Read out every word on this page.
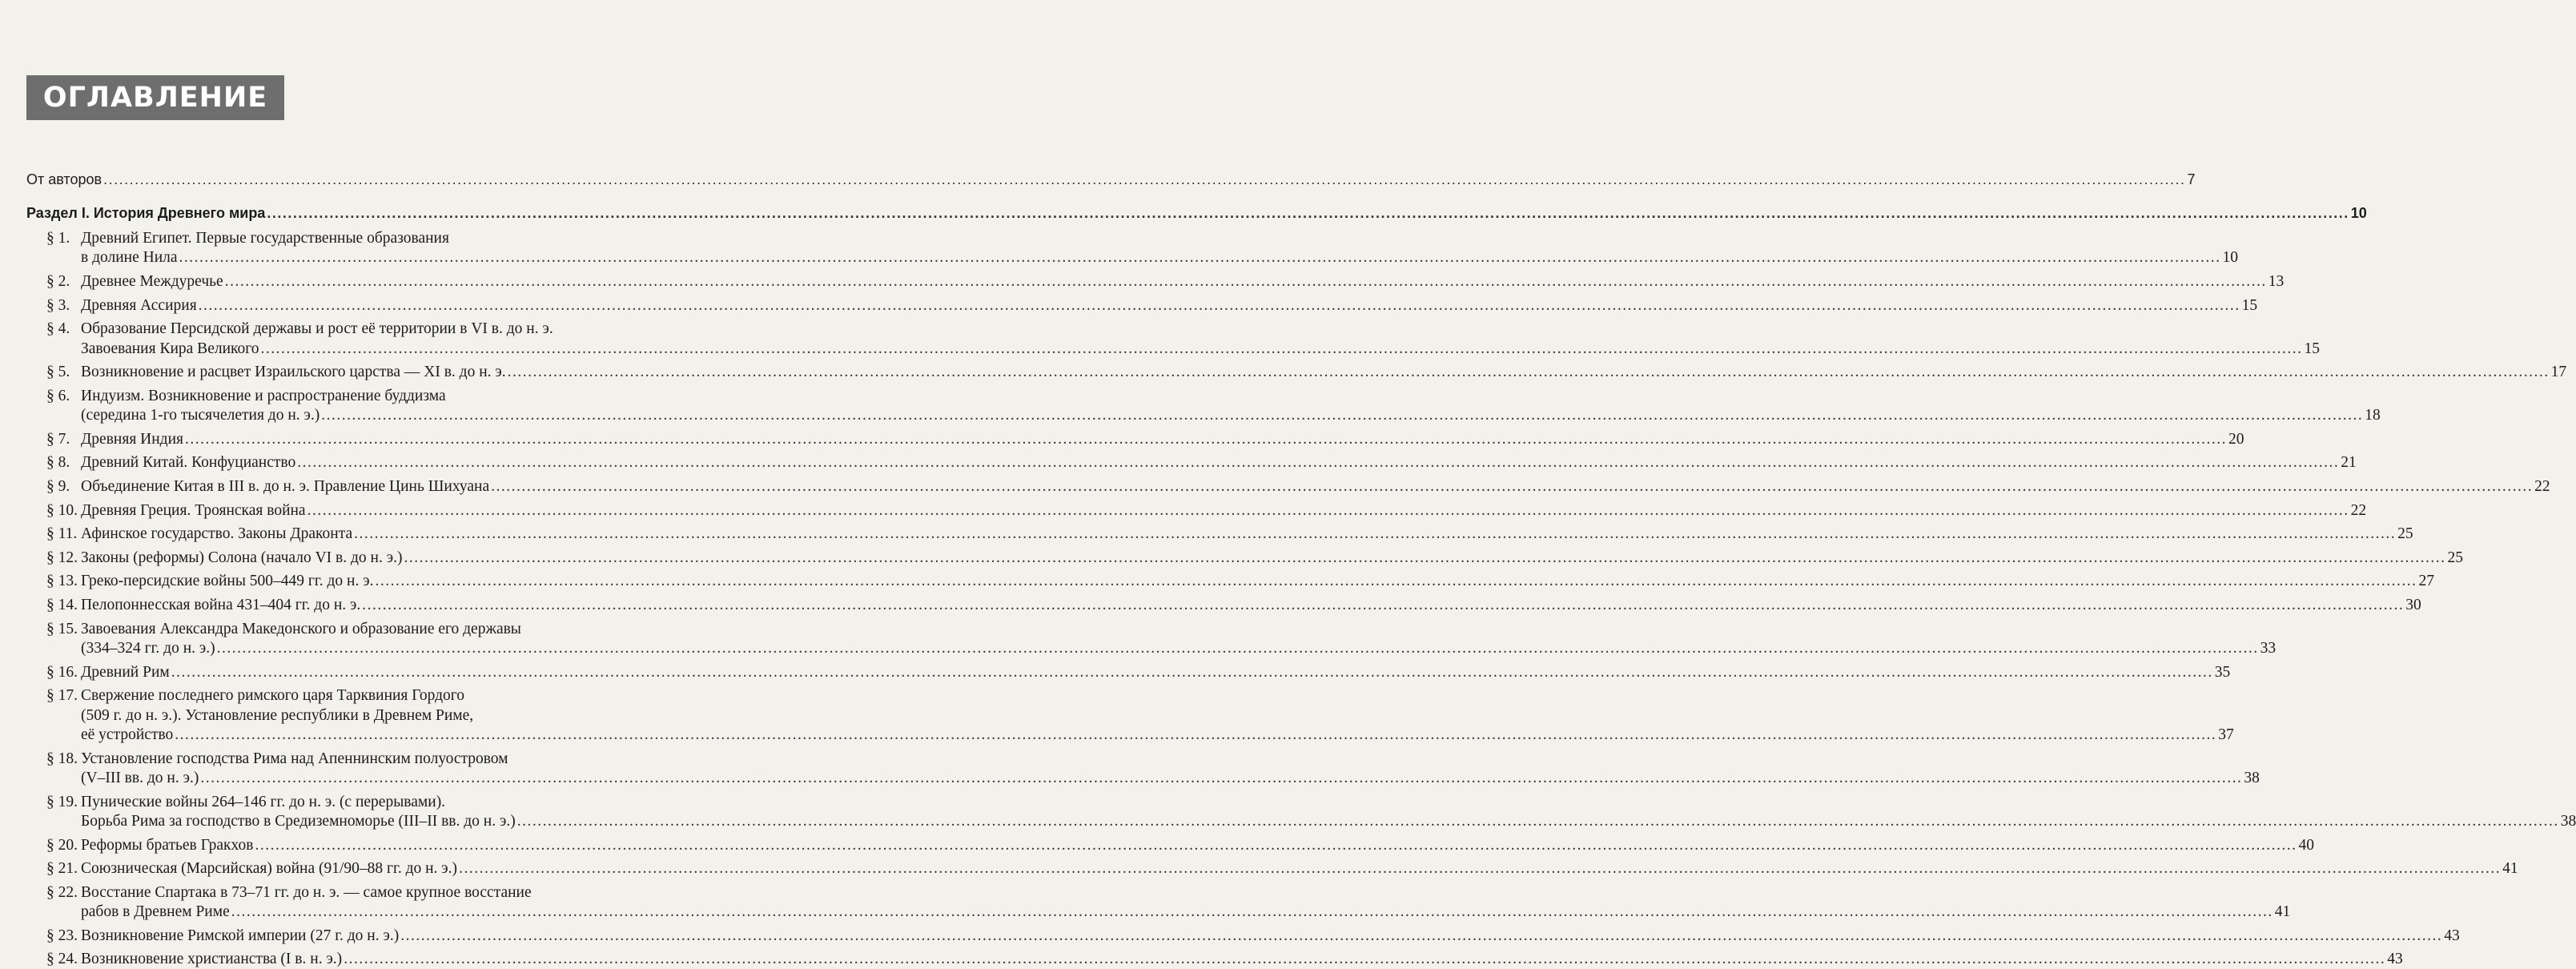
ОГЛАВЛЕНИЕ
От авторов ................................................................................................................................................................................................................................................................................................................................................................................................................ 7
Раздел I. История Древнего мира ................................................................................................................................................................................................................................................................................................................................................................................................................ 10
§ 1. Древний Египет. Первые государственные образования
в долине Нила ................................................................................................................................................................................................................................................................................................................................................................................................................ 10
§ 2. Древнее Междуречье ................................................................................................................................................................................................................................................................................................................................................................................................................ 13
§ 3. Древняя Ассирия ................................................................................................................................................................................................................................................................................................................................................................................................................ 15
§ 4. Образование Персидской державы и рост её территории в VI в. до н. э.
Завоевания Кира Великого ................................................................................................................................................................................................................................................................................................................................................................................................................ 15
§ 5. Возникновение и расцвет Израильского царства — XI в. до н. э. ................................................................................................................................................................................................................................................................................................................................................................................................................ 17
§ 6. Индуизм. Возникновение и распространение буддизма
(середина 1-го тысячелетия до н. э.) ................................................................................................................................................................................................................................................................................................................................................................................................................ 18
§ 7. Древняя Индия ................................................................................................................................................................................................................................................................................................................................................................................................................ 20
§ 8. Древний Китай. Конфуцианство ................................................................................................................................................................................................................................................................................................................................................................................................................ 21
§ 9. Объединение Китая в III в. до н. э. Правление Цинь Шихуана ................................................................................................................................................................................................................................................................................................................................................................................................................ 22
§ 10. Древняя Греция. Троянская война ................................................................................................................................................................................................................................................................................................................................................................................................................ 22
§ 11. Афинское государство. Законы Драконта ................................................................................................................................................................................................................................................................................................................................................................................................................ 25
§ 12. Законы (реформы) Солона (начало VI в. до н. э.) ................................................................................................................................................................................................................................................................................................................................................................................................................ 25
§ 13. Греко-персидские войны 500–449 гг. до н. э. ................................................................................................................................................................................................................................................................................................................................................................................................................ 27
§ 14. Пелопоннесская война 431–404 гг. до н. э. ................................................................................................................................................................................................................................................................................................................................................................................................................ 30
§ 15. Завоевания Александра Македонского и образование его державы
(334–324 гг. до н. э.) ................................................................................................................................................................................................................................................................................................................................................................................................................ 33
§ 16. Древний Рим ................................................................................................................................................................................................................................................................................................................................................................................................................ 35
§ 17. Свержение последнего римского царя Тарквиния Гордого
(509 г. до н. э.). Установление республики в Древнем Риме,
её устройство ................................................................................................................................................................................................................................................................................................................................................................................................................ 37
§ 18. Установление господства Рима над Апеннинским полуостровом
(V–III вв. до н. э.) ................................................................................................................................................................................................................................................................................................................................................................................................................ 38
§ 19. Пунические войны 264–146 гг. до н. э. (с перерывами).
Борьба Рима за господство в Средиземноморье (III–II вв. до н. э.) ................................................................................................................................................................................................................................................................................................................................................................................................................ 38
§ 20. Реформы братьев Гракхов ................................................................................................................................................................................................................................................................................................................................................................................................................ 40
§ 21. Союзническая (Марсийская) война (91/90–88 гг. до н. э.) ................................................................................................................................................................................................................................................................................................................................................................................................................ 41
§ 22. Восстание Спартака в 73–71 гг. до н. э. — самое крупное восстание
рабов в Древнем Риме ................................................................................................................................................................................................................................................................................................................................................................................................................ 41
§ 23. Возникновение Римской империи (27 г. до н. э.) ................................................................................................................................................................................................................................................................................................................................................................................................................ 43
§ 24. Возникновение христианства (I в. н. э.) ................................................................................................................................................................................................................................................................................................................................................................................................................ 43
